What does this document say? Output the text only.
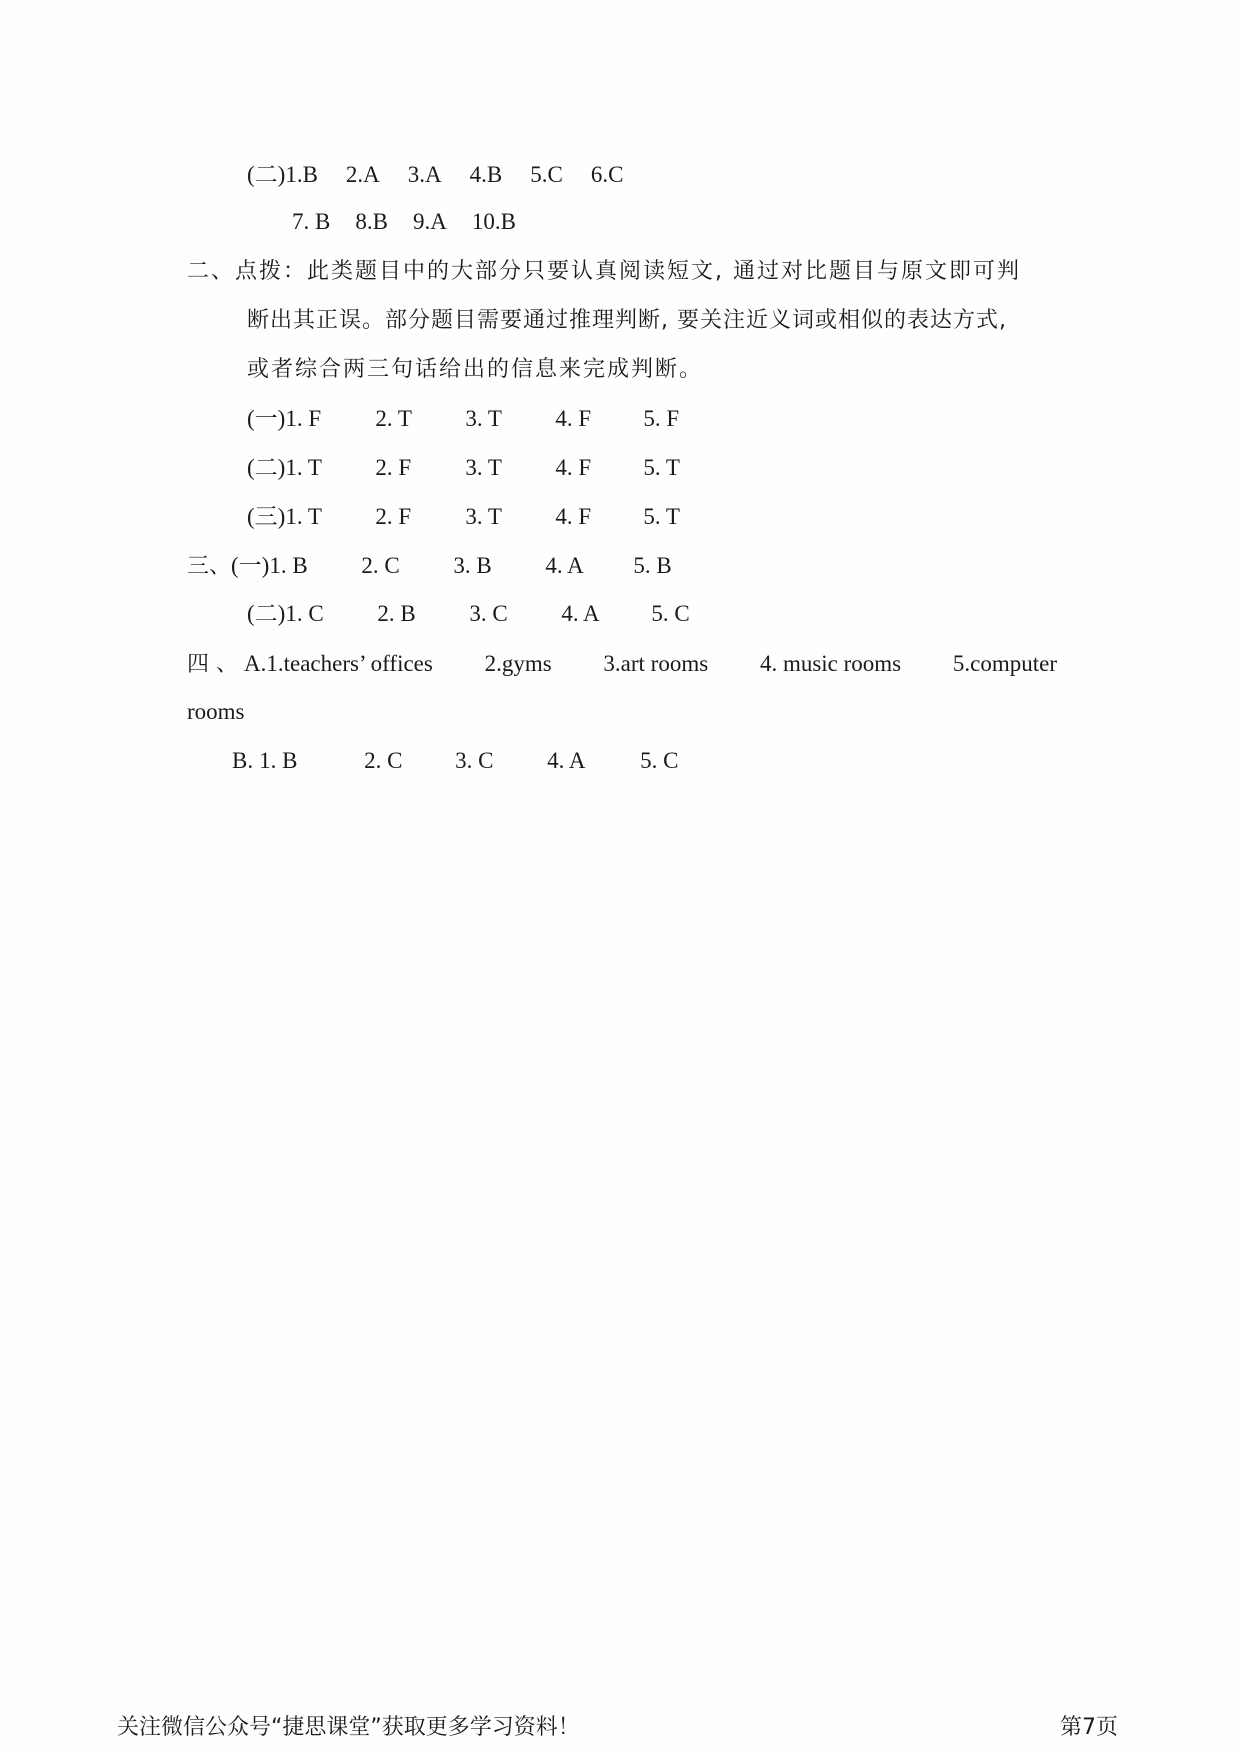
(二) 1.B 2.A 3.A 4.B 5.C 6.C
7. B 8.B 9.A 10.B
二、点拨：此类题目中的大部分只要认真阅读短文, 通过对比题目与原文即可判
断出其正误。部分题目需要通过推理判断, 要关注近义词或相似的表达方式,
或者综合两三句话给出的信息来完成判断。
(一) 1. F	2. T	3. T	4. F	5. F
(二) 1. T	2. F	3. T	4. F	5. T
(三) 1. T	2. F	3. T	4. F	5. T
三、 (一) 1. B	2. C	3. B	4. A	5. B
(二) 1. C	2. B	3. C	4. A	5. C
四 、 A.1.teachers’ offices 2.gyms 3.art rooms 4. music rooms 5.computer
rooms
B. 1. B	2. C	3. C	4. A	5. C
关注微信公众号“捷思课堂”获取更多学习资料！	第7页
